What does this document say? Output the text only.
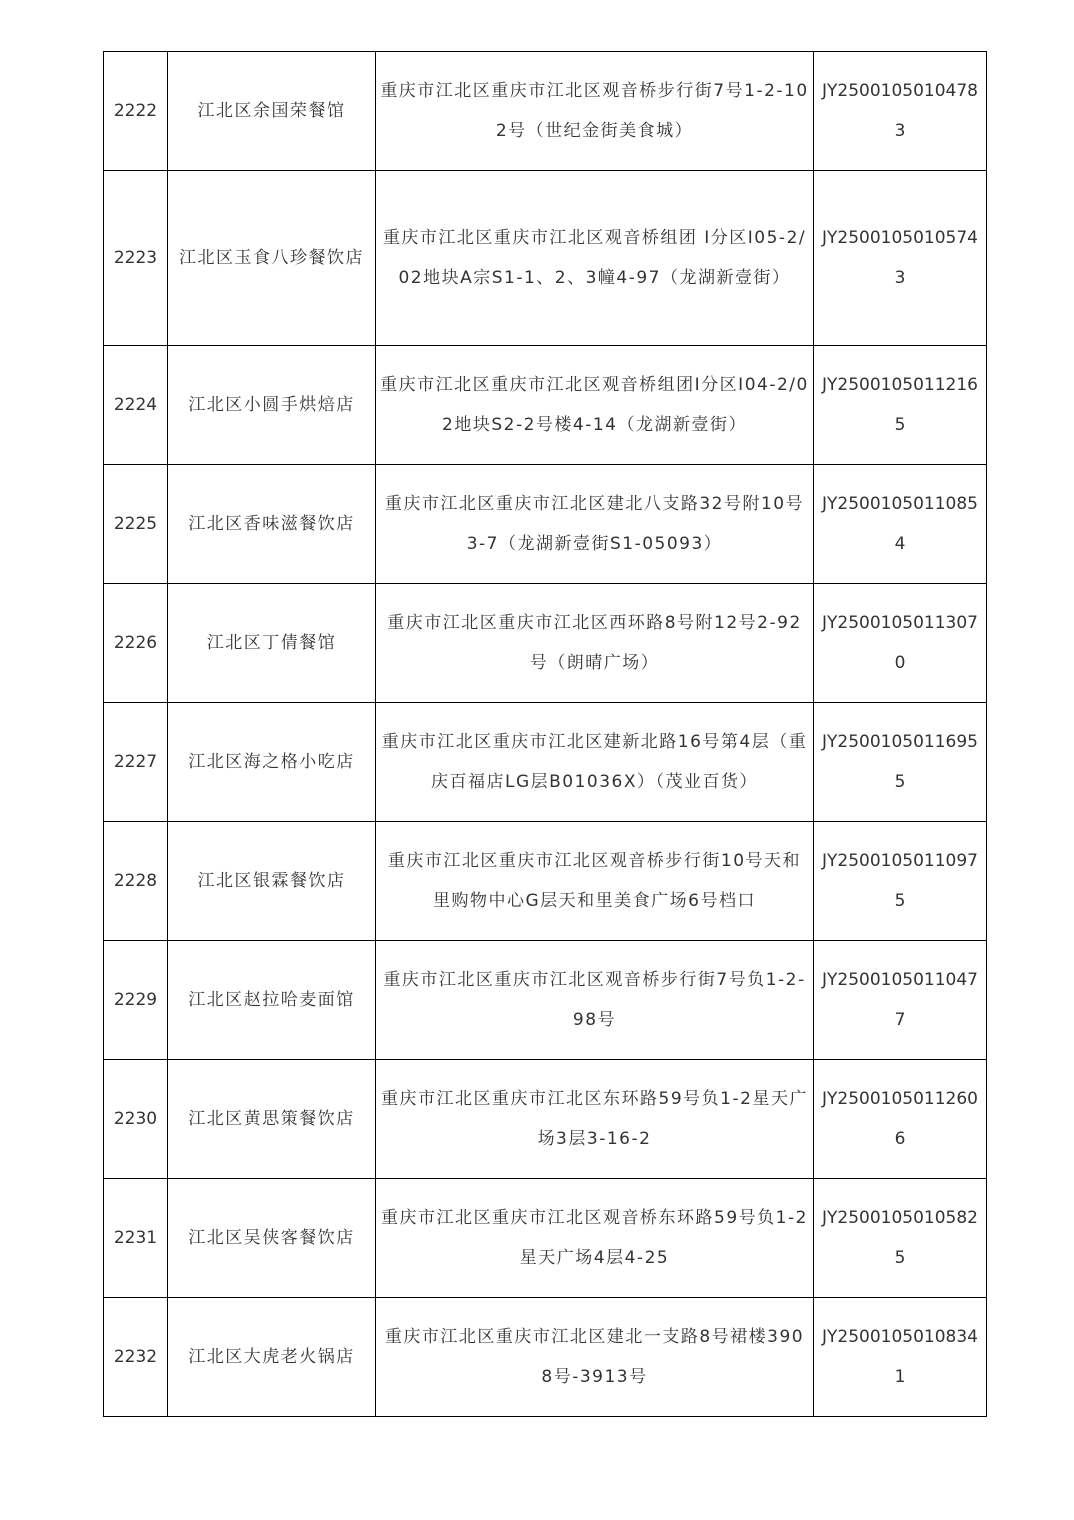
2222	江北区余国荣餐馆	重庆市江北区重庆市江北区观音桥步行街7号1-2-102号（世纪金街美食城）	JY25001050104783
2223	江北区玉食八珍餐饮店	重庆市江北区重庆市江北区观音桥组团 Ⅰ分区Ⅰ05-2/02地块A宗S1-1、2、3幢4-97（龙湖新壹街）	JY25001050105743
2224	江北区小圆手烘焙店	重庆市江北区重庆市江北区观音桥组团Ⅰ分区I04-2/02地块S2-2号楼4-14（龙湖新壹街）	JY25001050112165
2225	江北区香味滋餐饮店	重庆市江北区重庆市江北区建北八支路32号附10号3-7（龙湖新壹街S1-05093）	JY25001050110854
2226	江北区丁倩餐馆	重庆市江北区重庆市江北区西环路8号附12号2-92号（朗晴广场）	JY25001050113070
2227	江北区海之格小吃店	重庆市江北区重庆市江北区建新北路16号第4层（重庆百福店LG层B01036X）（茂业百货）	JY25001050116955
2228	江北区银霖餐饮店	重庆市江北区重庆市江北区观音桥步行街10号天和里购物中心G层天和里美食广场6号档口	JY25001050110975
2229	江北区赵拉哈麦面馆	重庆市江北区重庆市江北区观音桥步行街7号负1-2-98号	JY25001050110477
2230	江北区黄思策餐饮店	重庆市江北区重庆市江北区东环路59号负1-2星天广场3层3-16-2	JY25001050112606
2231	江北区吴侠客餐饮店	重庆市江北区重庆市江北区观音桥东环路59号负1-2星天广场4层4-25	JY25001050105825
2232	江北区大虎老火锅店	重庆市江北区重庆市江北区建北一支路8号裙楼3908号-3913号	JY25001050108341
